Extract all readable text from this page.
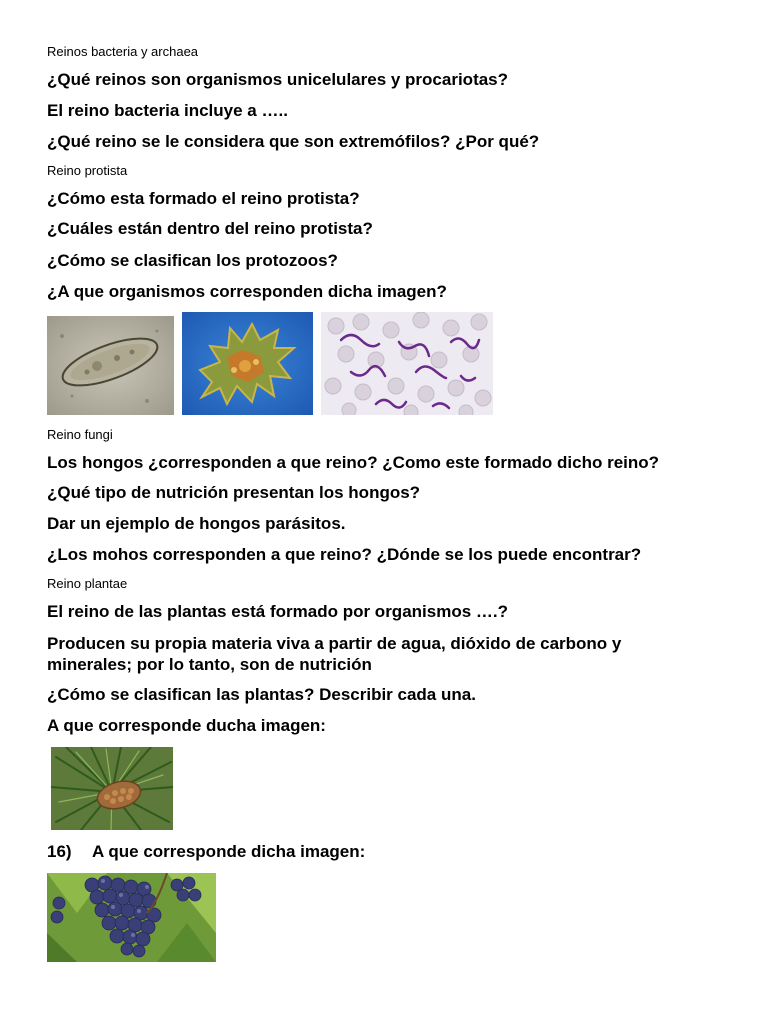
Reinos bacteria y archaea
¿Qué reinos son organismos unicelulares y procariotas?
El reino bacteria incluye a …..
¿Qué reino se le considera que son extremófilos? ¿Por qué?
Reino protista
¿Cómo esta formado el reino protista?
¿Cuáles están dentro del reino protista?
¿Cómo se clasifican los protozoos?
¿A que organismos corresponden dicha imagen?
Reino fungi
Los hongos ¿corresponden a que reino? ¿Como este formado dicho reino?
¿Qué tipo de nutrición presentan los hongos?
Dar un ejemplo de hongos parásitos.
¿Los mohos corresponden a que reino? ¿Dónde se los puede encontrar?
Reino plantae
El reino de las plantas está formado por organismos ….?
Producen su propia materia viva a partir de agua, dióxido de carbono y minerales; por lo tanto, son de nutrición
¿Cómo se clasifican las plantas? Describir cada una.
A que corresponde ducha imagen:
16) A que corresponde dicha imagen:
